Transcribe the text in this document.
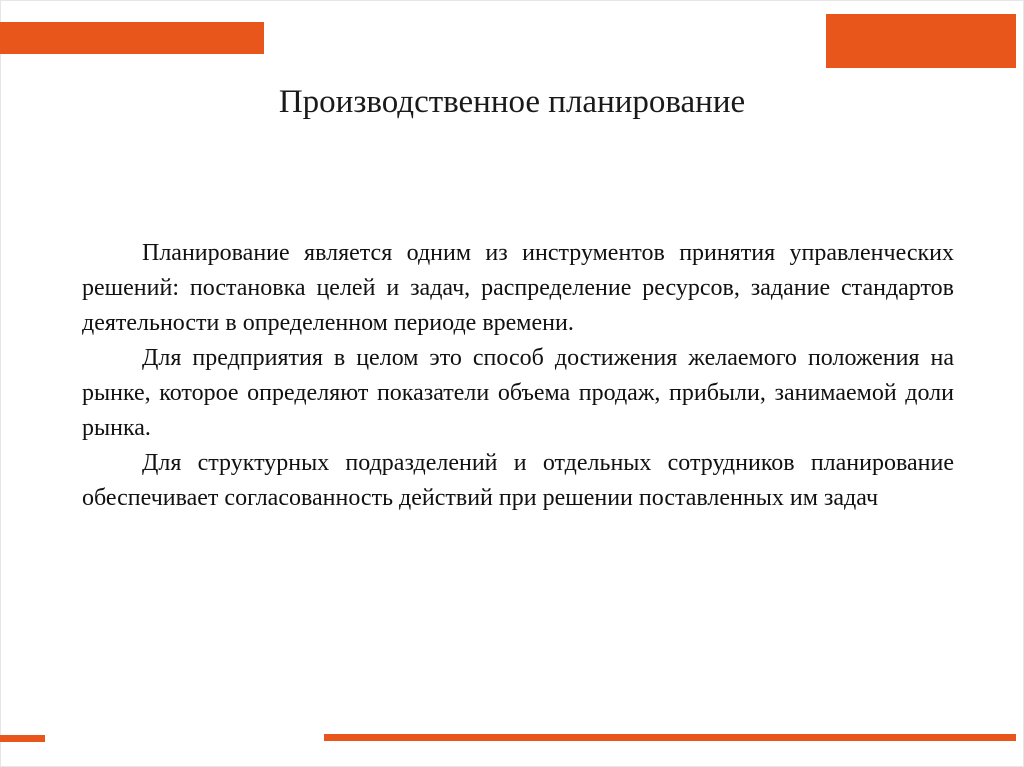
Производственное планирование

Планирование является одним из инструментов принятия управленческих решений: постановка целей и задач, распределение ресурсов, задание стандартов деятельности в определенном периоде времени.

Для предприятия в целом это способ достижения желаемого положения на рынке, которое определяют показатели объема продаж, прибыли, занимаемой доли рынка.

Для структурных подразделений и отдельных сотрудников планирование обеспечивает согласованность действий при решении поставленных им задач
